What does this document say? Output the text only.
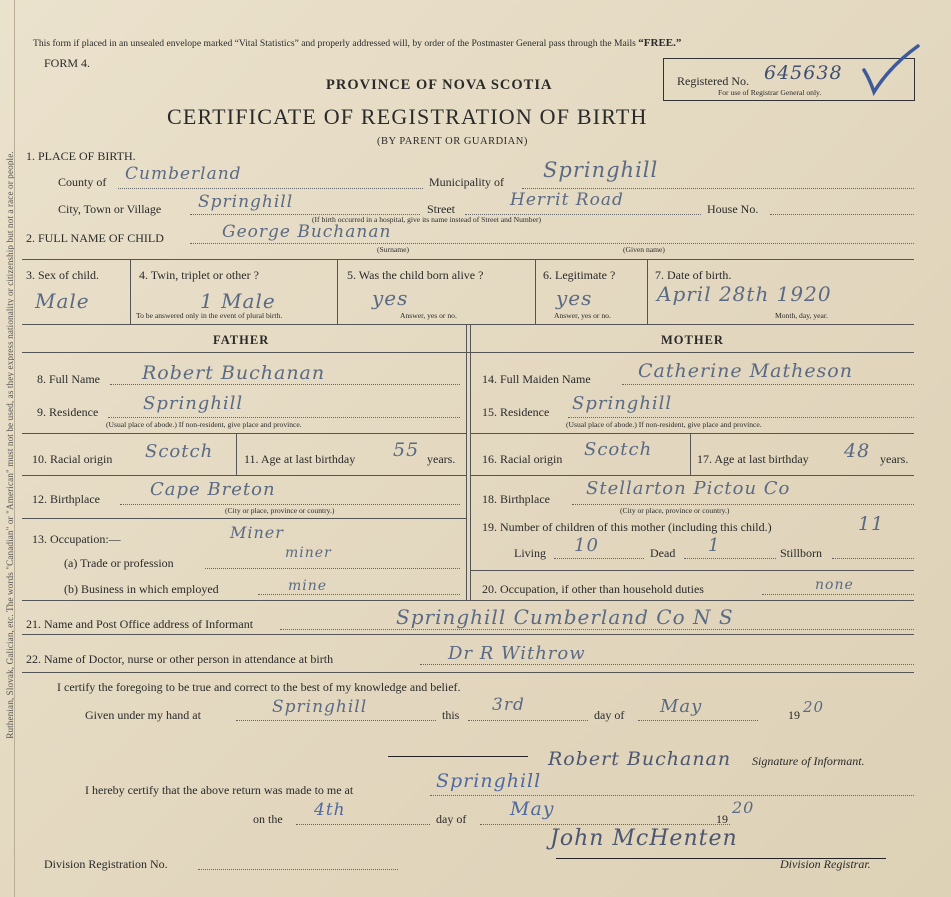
Ruthenian, Slovak, Galician, etc. The words "Canadian" or "American" must not be used, as they express nationality or citizenship but not a race or people.
This form if placed in an unsealed envelope marked “Vital Statistics” and properly addressed will, by order of the Postmaster General pass through the Mails “FREE.”
FORM 4.
Registered No. 645638
For use of Registrar General only.
PROVINCE OF NOVA SCOTIA
CERTIFICATE OF REGISTRATION OF BIRTH
(BY PARENT OR GUARDIAN)
1. PLACE OF BIRTH.
County of Cumberland	Municipality of Springhill
City, Town or Village Springhill	Street	Herrit Road	House No.
(If birth occurred in a hospital, give its name instead of Street and Number)
2. FULL NAME OF CHILD	George Buchanan
(Surname)	(Given name)
3. Sex of child.
Male
4. Twin, triplet or other ?
1 Male
To be answered only in the event of plural birth.
5. Was the child born alive ?
yes
Answer, yes or no.
6. Legitimate ?
yes
Answer, yes or no.
7. Date of birth.
April 28th 1920
Month, day, year.
FATHER	MOTHER
8. Full Name Robert Buchanan
9. Residence Springhill
(Usual place of abode.) If non-resident, give place and province.
10. Racial origin Scotch	11. Age at last birthday 55 years.
12. Birthplace	Cape Breton
(City or place, province or country.)
13. Occupation:—	Miner
(a) Trade or profession
miner
(b) Business in which employed	mine
14. Full Maiden Name Catherine Matheson
15. Residence Springhill
(Usual place of abode.) If non-resident, give place and province.
16. Racial origin Scotch	17. Age at last birthday 48 years.
18. Birthplace Stellarton Pictou Co
(City or place, province or country.)
19. Number of children of this mother (including this child.)	11
Living 10	Dead 1	Stillborn
20. Occupation, if other than household duties	none
21. Name and Post Office address of Informant	Springhill Cumberland Co N S
22. Name of Doctor, nurse or other person in attendance at birth	Dr R Withrow
I certify the foregoing to be true and correct to the best of my knowledge and belief.
Given under my hand at	Springhill	this 3rd	day of May	19 20
Robert Buchanan Signature of Informant.
I hereby certify that the above return was made to me at	Springhill
on the 4th	day of May	19
20
Division Registration No.
John McHenten
Division Registrar.
